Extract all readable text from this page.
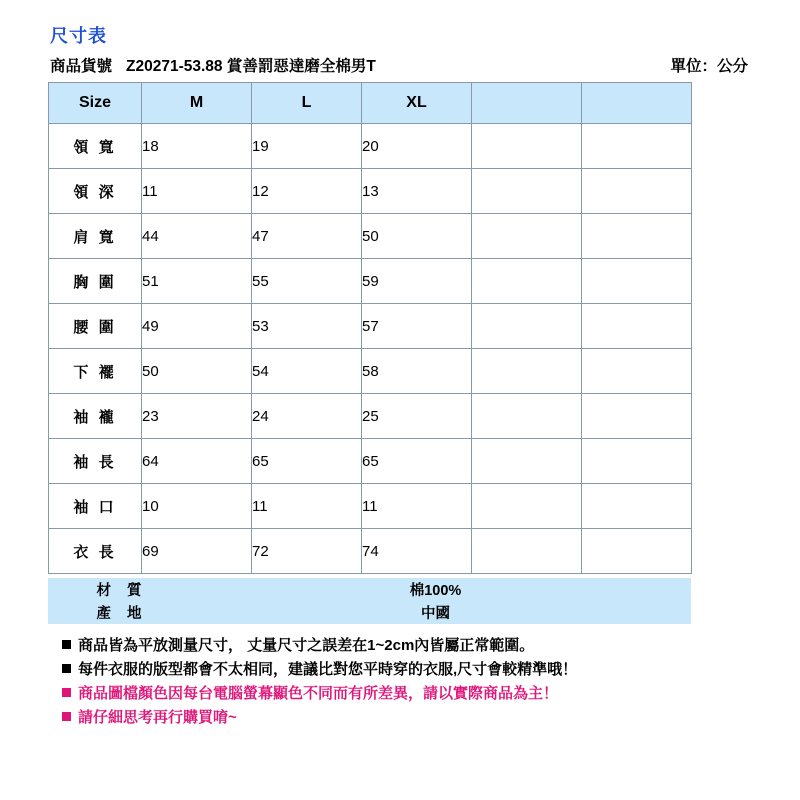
尺寸表
商品貨號 Z20271-53.88 賞善罰惡達磨全棉男T	單位：公分
Size	M	L	XL		
領 寬	18	19	20		
領 深	11	12	13		
肩 寬	44	47	50		
胸 圍	51	55	59		
腰 圍	49	53	57		
下 襬	50	54	58		
袖 襱	23	24	25		
袖 長	64	65	65		
袖 口	10	11	11		
衣 長	69	72	74		
材 質	棉100%
產 地	中國
商品皆為平放測量尺寸， 丈量尺寸之誤差在1~2cm內皆屬正常範圍。
每件衣服的版型都會不太相同，建議比對您平時穿的衣服,尺寸會較精準哦！
商品圖檔顏色因每台電腦螢幕顯色不同而有所差異，請以實際商品為主！
請仔細思考再行購買唷~
